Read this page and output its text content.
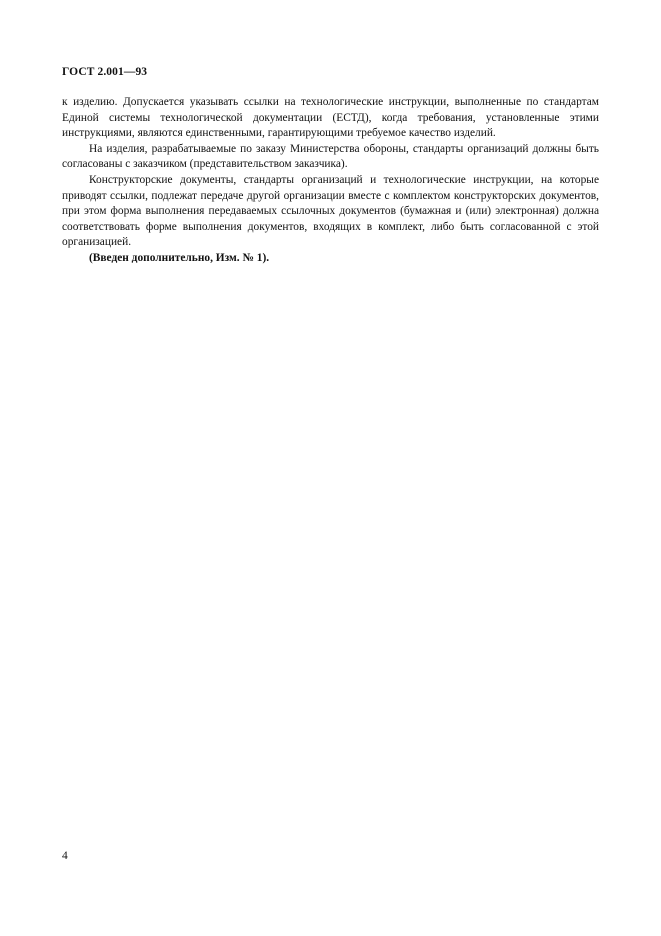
ГОСТ 2.001—93

к изделию. Допускается указывать ссылки на технологические инструкции, выполненные по стандартам Единой системы технологической документации (ЕСТД), когда требования, установленные этими инструкциями, являются единственными, гарантирующими требуемое качество изделий.

На изделия, разрабатываемые по заказу Министерства обороны, стандарты организаций должны быть согласованы с заказчиком (представительством заказчика).

Конструкторские документы, стандарты организаций и технологические инструкции, на которые приводят ссылки, подлежат передаче другой организации вместе с комплектом конструкторских документов, при этом форма выполнения передаваемых ссылочных документов (бумажная и (или) электронная) должна соответствовать форме выполнения документов, входящих в комплект, либо быть согласованной с этой организацией.

(Введен дополнительно, Изм. № 1).

4
